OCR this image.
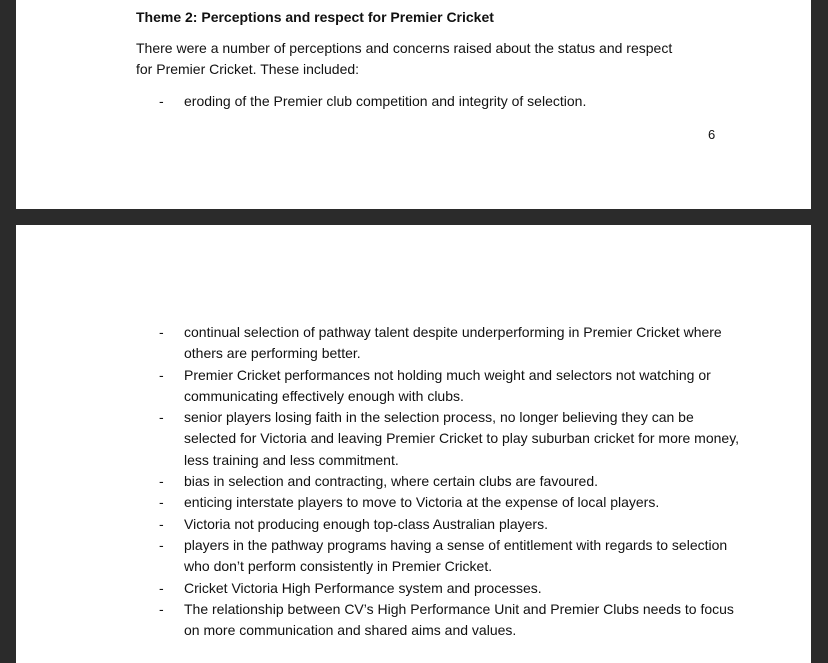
Theme 2: Perceptions and respect for Premier Cricket
There were a number of perceptions and concerns raised about the status and respect
for Premier Cricket. These included:
- eroding of the Premier club competition and integrity of selection.
6
- continual selection of pathway talent despite underperforming in Premier Cricket where others are performing better.
- Premier Cricket performances not holding much weight and selectors not watching or communicating effectively enough with clubs.
- senior players losing faith in the selection process, no longer believing they can be selected for Victoria and leaving Premier Cricket to play suburban cricket for more money, less training and less commitment.
- bias in selection and contracting, where certain clubs are favoured.
- enticing interstate players to move to Victoria at the expense of local players.
- Victoria not producing enough top-class Australian players.
- players in the pathway programs having a sense of entitlement with regards to selection who don’t perform consistently in Premier Cricket.
- Cricket Victoria High Performance system and processes.
- The relationship between CV’s High Performance Unit and Premier Clubs needs to focus on more communication and shared aims and values.
